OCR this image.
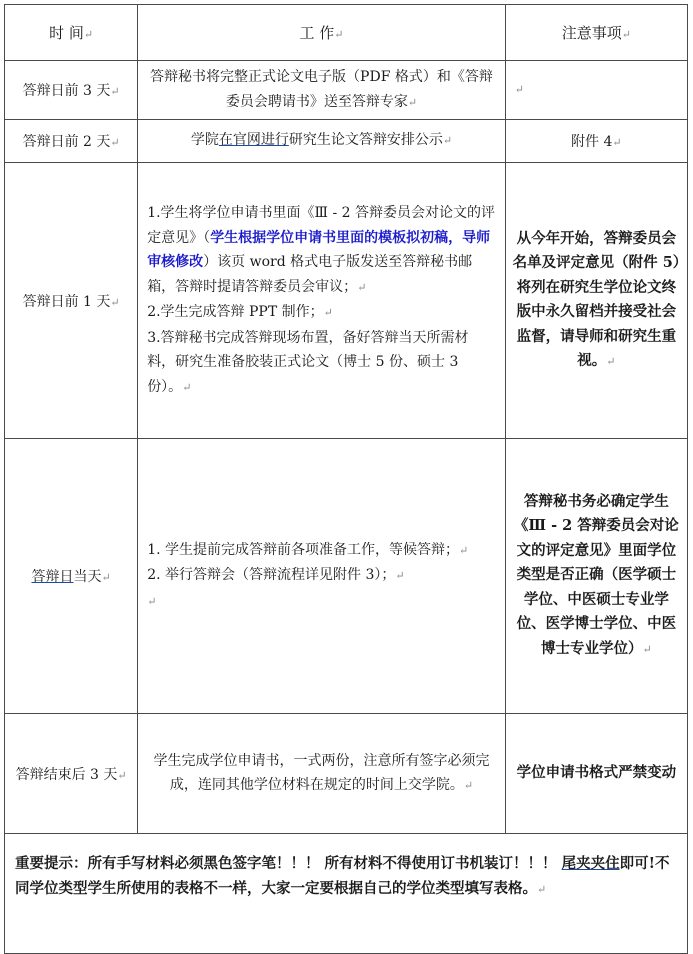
时 间↵	工 作↵	注意事项↵
答辩日前 3 天↵	答辩秘书将完整正式论文电子版（PDF 格式）和《答辩委员会聘请书》送至答辩专家↵	↵
答辩日前 2 天↵	学院在官网进行研究生论文答辩安排公示↵	附件 4↵
答辩日前 1 天↵	1.学生将学位申请书里面《Ⅲ - 2 答辩委员会对论文的评定意见》（学生根据学位申请书里面的模板拟初稿，导师审核修改）该页 word 格式电子版发送至答辩秘书邮箱，答辩时提请答辩委员会审议；↵
2.学生完成答辩 PPT 制作；↵
3.答辩秘书完成答辩现场布置，备好答辩当天所需材料，研究生准备胶装正式论文（博士 5 份、硕士 3 份）。↵	从今年开始，答辩委员会名单及评定意见（附件 5）将列在研究生学位论文终版中永久留档并接受社会监督，请导师和研究生重视。↵
答辩日当天↵	1. 学生提前完成答辩前各项准备工作，等候答辩；↵
2. 举行答辩会（答辩流程详见附件 3）；↵
↵	答辩秘书务必确定学生《Ⅲ - 2 答辩委员会对论文的评定意见》里面学位类型是否正确（医学硕士学位、中医硕士专业学位、医学博士学位、中医博士专业学位）↵
答辩结束后 3 天↵	学生完成学位申请书，一式两份，注意所有签字必须完成，连同其他学位材料在规定的时间上交学院。↵	学位申请书格式严禁变动
重要提示：所有手写材料必须黑色签字笔！！！ 所有材料不得使用订书机装订！！！ 尾夹夹住即可!不同学位类型学生所使用的表格不一样，大家一定要根据自己的学位类型填写表格。↵		
